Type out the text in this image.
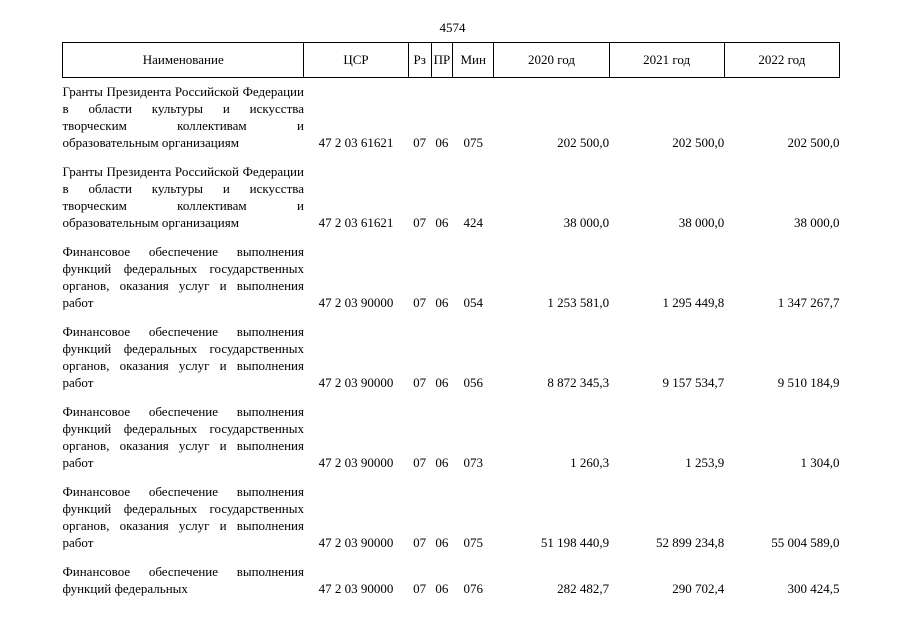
4574
Наименование	ЦСР	Рз	ПР	Мин	2020 год	2021 год	2022 год
Гранты Президента Российской Федерации в области культуры и искусства творческим коллективам и образовательным организациям	47 2 03 61621	07	06	075	202 500,0	202 500,0	202 500,0
Гранты Президента Российской Федерации в области культуры и искусства творческим коллективам и образовательным организациям	47 2 03 61621	07	06	424	38 000,0	38 000,0	38 000,0
Финансовое обеспечение выполнения функций федеральных государственных органов, оказания услуг и выполнения работ	47 2 03 90000	07	06	054	1 253 581,0	1 295 449,8	1 347 267,7
Финансовое обеспечение выполнения функций федеральных государственных органов, оказания услуг и выполнения работ	47 2 03 90000	07	06	056	8 872 345,3	9 157 534,7	9 510 184,9
Финансовое обеспечение выполнения функций федеральных государственных органов, оказания услуг и выполнения работ	47 2 03 90000	07	06	073	1 260,3	1 253,9	1 304,0
Финансовое обеспечение выполнения функций федеральных государственных органов, оказания услуг и выполнения работ	47 2 03 90000	07	06	075	51 198 440,9	52 899 234,8	55 004 589,0
Финансовое обеспечение выполнения функций федеральных	47 2 03 90000	07	06	076	282 482,7	290 702,4	300 424,5
